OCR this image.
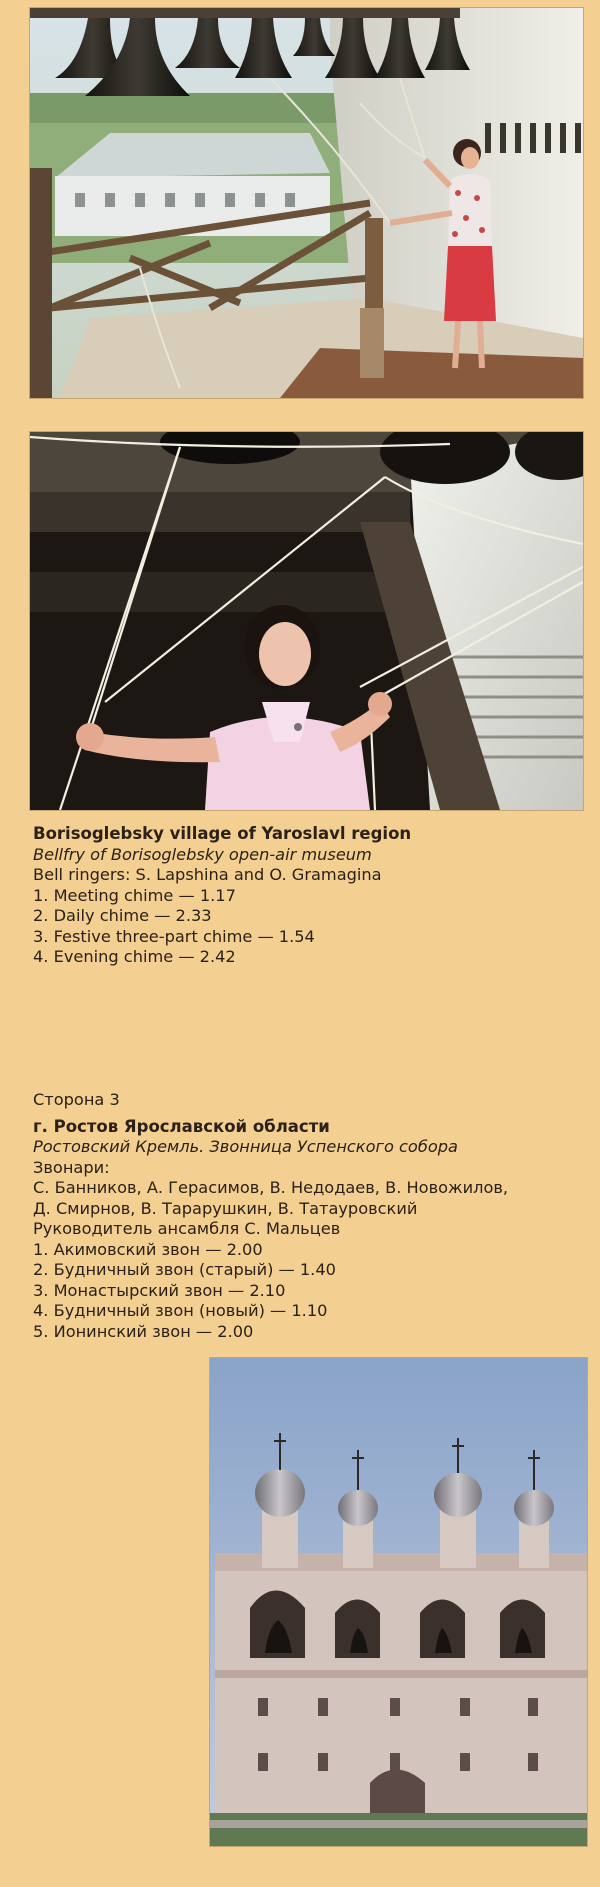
Borisoglebsky village of Yaroslavl region
Bellfry of Borisoglebsky open-air museum
Bell ringers: S. Lapshina and O. Gramagina
1. Meeting chime — 1.17
2. Daily chime — 2.33
3. Festive three-part chime — 1.54
4. Evening chime — 2.42
Сторона 3
г. Ростов Ярославской области
Ростовский Кремль. Звонница Успенского собора
Звонари:
С. Банников, А. Герасимов, В. Недодаев, В. Новожилов,
Д. Смирнов, В. Тарарушкин, В. Татауровский
Руководитель ансамбля С. Мальцев
1. Акимовский звон — 2.00
2. Будничный звон (старый) — 1.40
3. Монастырский звон — 2.10
4. Будничный звон (новый) — 1.10
5. Ионинский звон — 2.00
